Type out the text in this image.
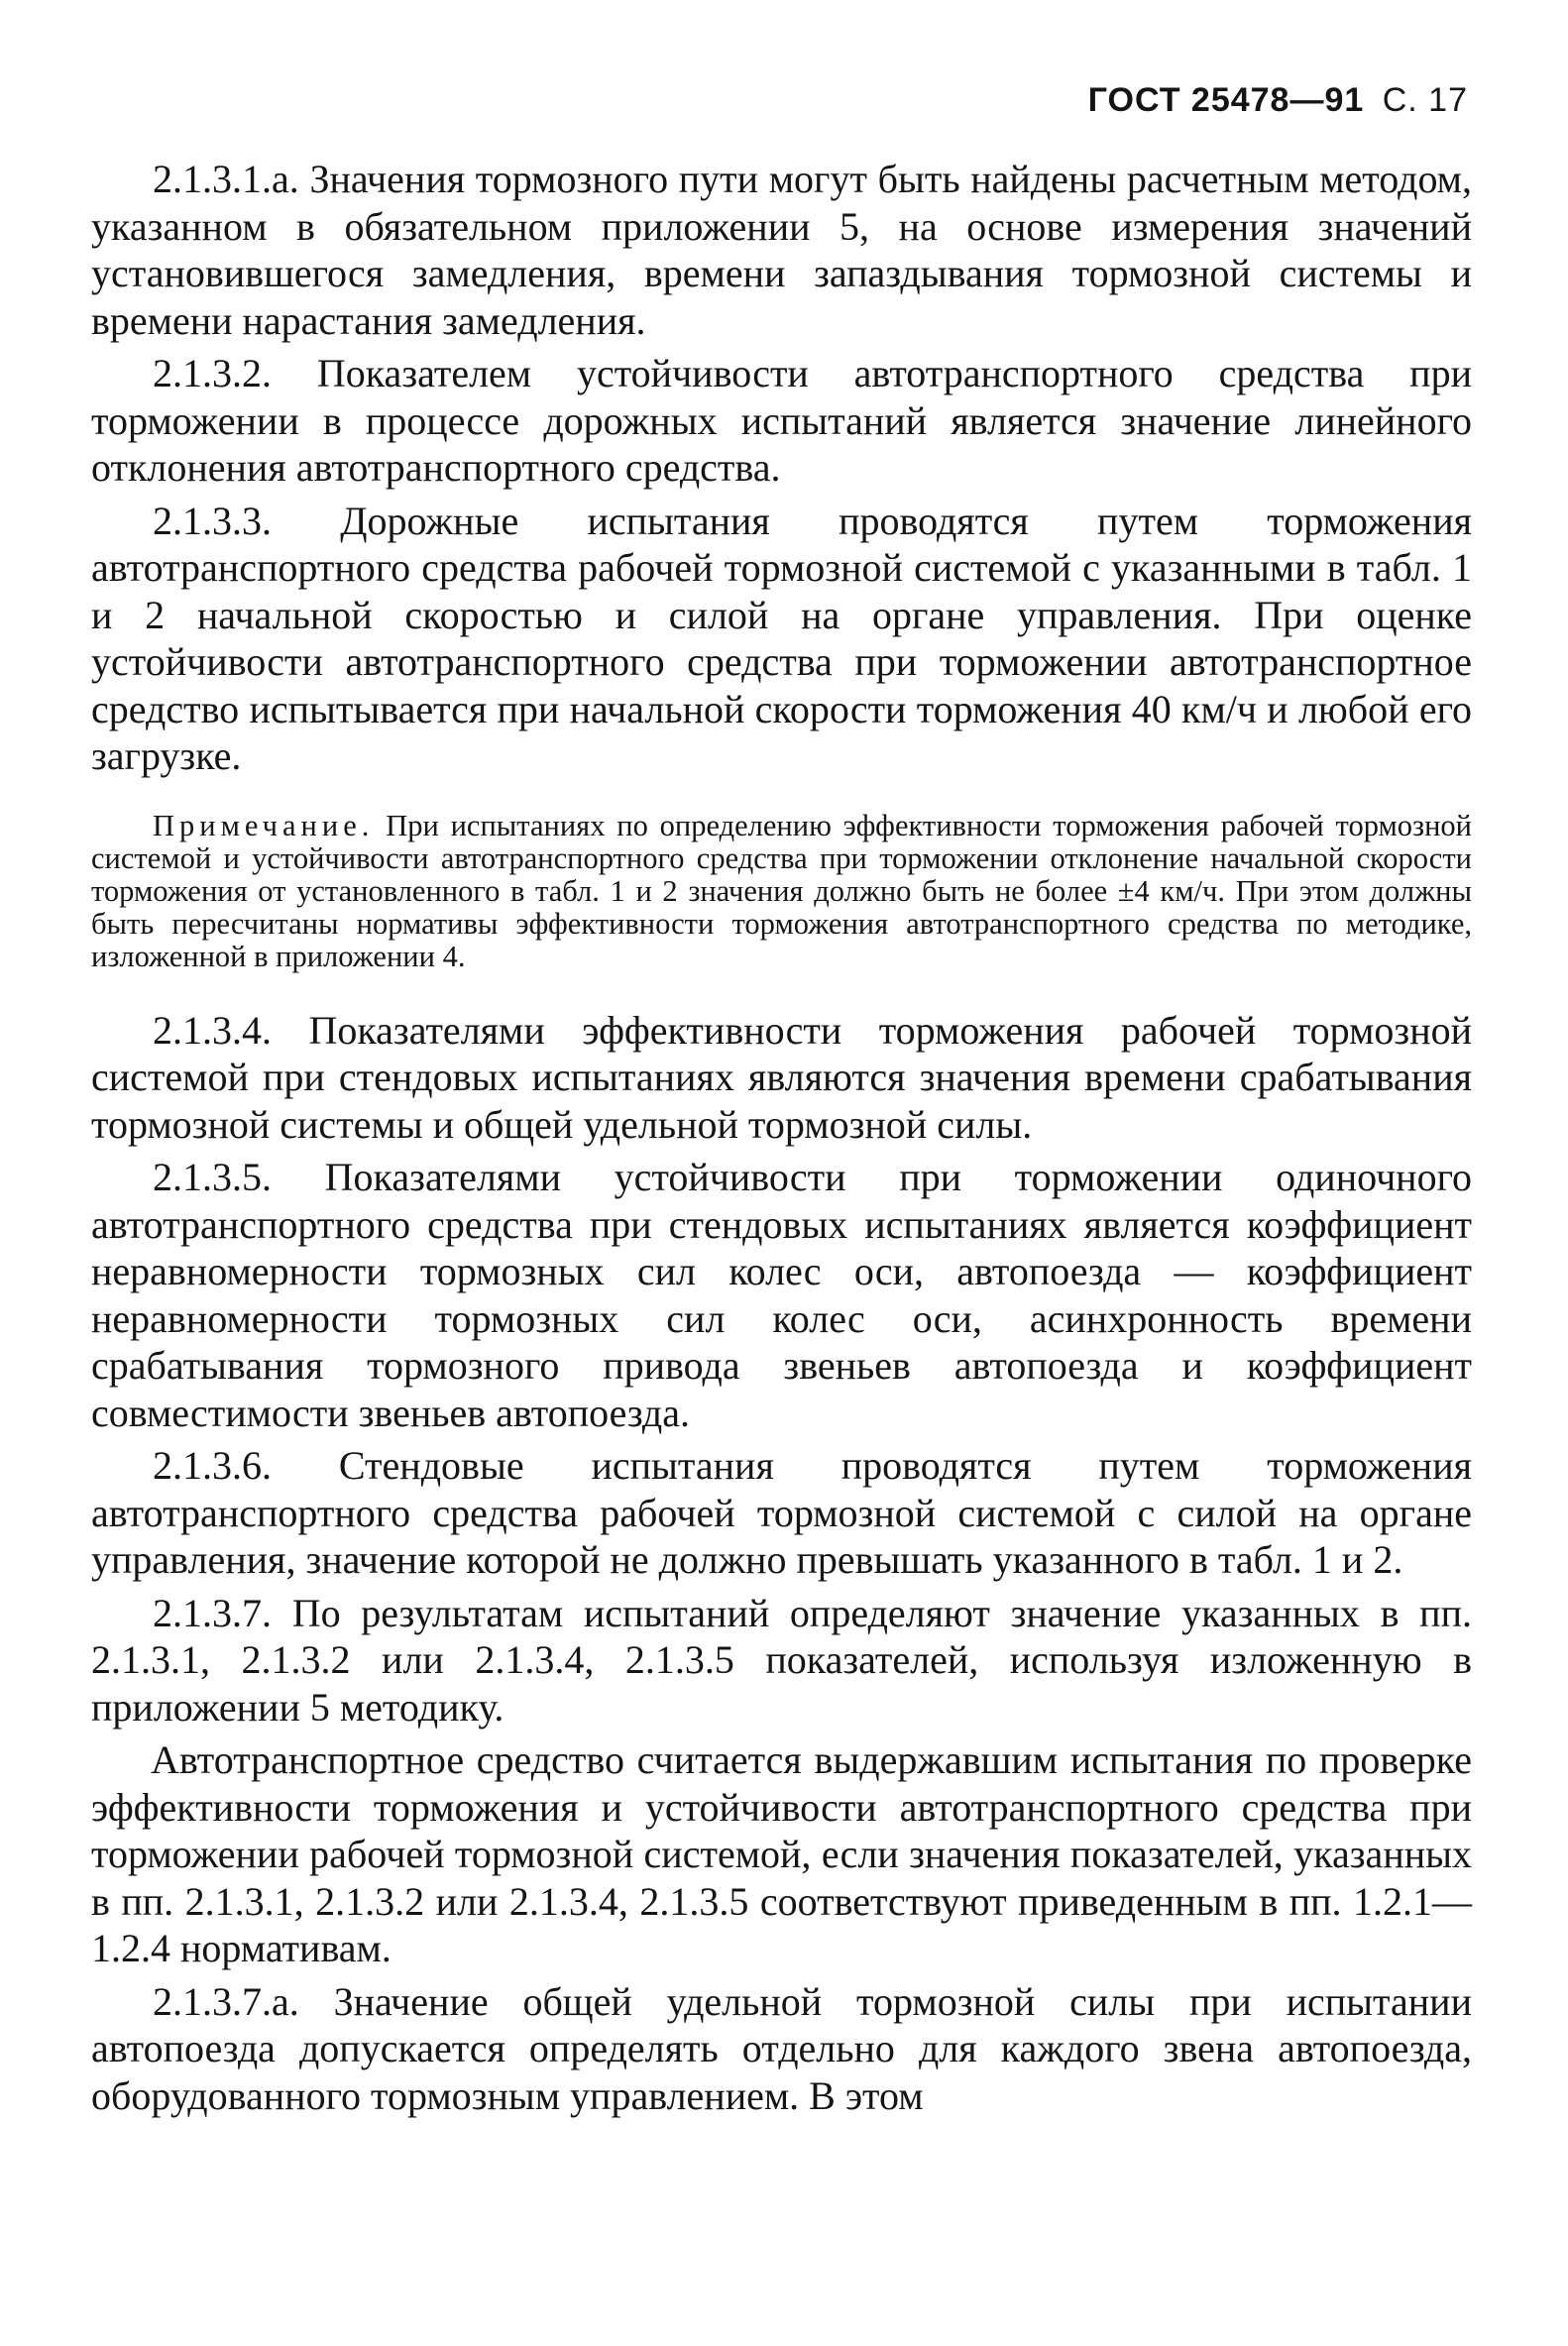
ГОСТ 25478—91 С. 17

2.1.3.1.а. Значения тормозного пути могут быть найдены расчетным методом, указанном в обязательном приложении 5, на основе измерения значений установившегося замедления, времени запаздывания тормозной системы и времени нарастания замедления.

2.1.3.2. Показателем устойчивости автотранспортного средства при торможении в процессе дорожных испытаний является значение линейного отклонения автотранспортного средства.

2.1.3.3. Дорожные испытания проводятся путем торможения автотранспортного средства рабочей тормозной системой с указанными в табл. 1 и 2 начальной скоростью и силой на органе управления. При оценке устойчивости автотранспортного средства при торможении автотранспортное средство испытывается при начальной скорости торможения 40 км/ч и любой его загрузке.

Примечание. При испытаниях по определению эффективности торможения рабочей тормозной системой и устойчивости автотранспортного средства при торможении отклонение начальной скорости торможения от установленного в табл. 1 и 2 значения должно быть не более ±4 км/ч. При этом должны быть пересчитаны нормативы эффективности торможения автотранспортного средства по методике, изложенной в приложении 4.

2.1.3.4. Показателями эффективности торможения рабочей тормозной системой при стендовых испытаниях являются значения времени срабатывания тормозной системы и общей удельной тормозной силы.

2.1.3.5. Показателями устойчивости при торможении одиночного автотранспортного средства при стендовых испытаниях является коэффициент неравномерности тормозных сил колес оси, автопоезда — коэффициент неравномерности тормозных сил колес оси, асинхронность времени срабатывания тормозного привода звеньев автопоезда и коэффициент совместимости звеньев автопоезда.

2.1.3.6. Стендовые испытания проводятся путем торможения автотранспортного средства рабочей тормозной системой с силой на органе управления, значение которой не должно превышать указанного в табл. 1 и 2.

2.1.3.7. По результатам испытаний определяют значение указанных в пп. 2.1.3.1, 2.1.3.2 или 2.1.3.4, 2.1.3.5 показателей, используя изложенную в приложении 5 методику.

Автотранспортное средство считается выдержавшим испытания по проверке эффективности торможения и устойчивости автотранспортного средства при торможении рабочей тормозной системой, если значения показателей, указанных в пп. 2.1.3.1, 2.1.3.2 или 2.1.3.4, 2.1.3.5 соответствуют приведенным в пп. 1.2.1—1.2.4 нормативам.

2.1.3.7.а. Значение общей удельной тормозной силы при испытании автопоезда допускается определять отдельно для каждого звена автопоезда, оборудованного тормозным управлением. В этом
